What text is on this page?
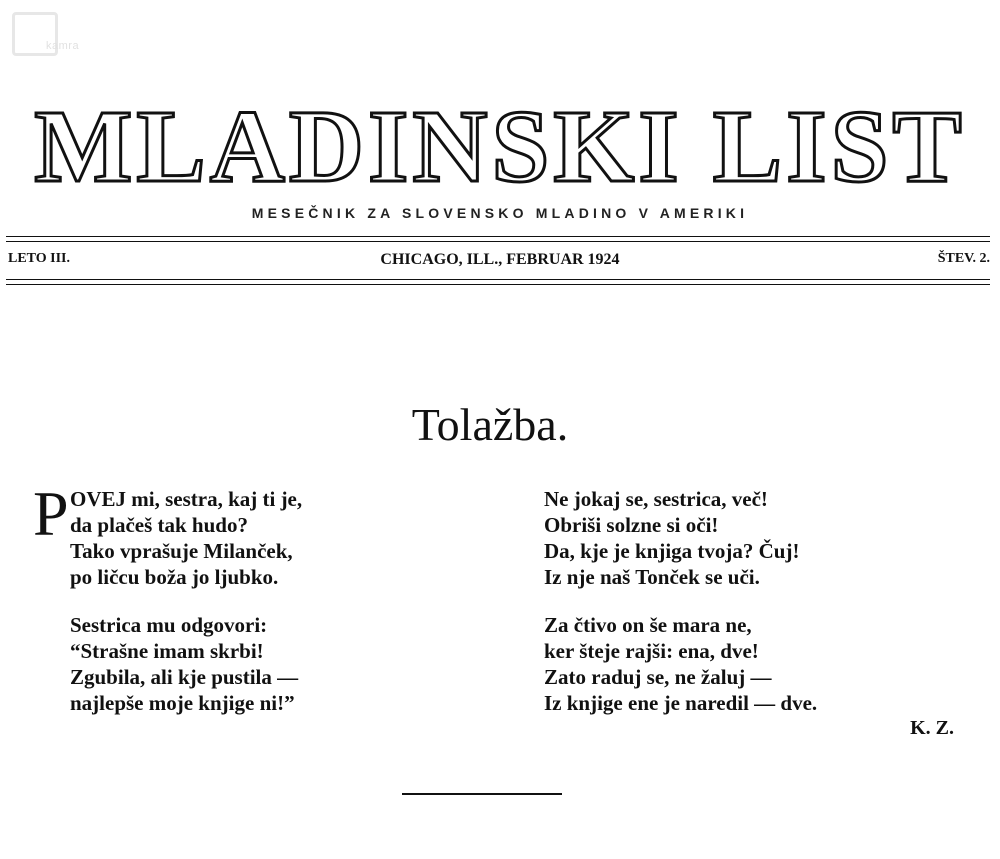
kamra
MLADINSKI LIST
MESEČNIK ZA SLOVENSKO MLADINO V AMERIKI
LETO III.	CHICAGO, ILL., FEBRUAR 1924	ŠTEV. 2.
Tolažba.
P OVEJ mi, sestra, kaj ti je,
da plačeš tak hudo?
Tako vprašuje Milanček,
po ličcu boža jo ljubko.
Sestrica mu odgovori:
“Strašne imam skrbi!
Zgubila, ali kje pustila —
najlepše moje knjige ni!”
Ne jokaj se, sestrica, več!
Obriši solzne si oči!
Da, kje je knjiga tvoja? Čuj!
Iz nje naš Tonček se uči.
Za čtivo on še mara ne,
ker šteje rajši: ena, dve!
Zato raduj se, ne žaluj —
Iz knjige ene je naredil — dve.
K. Z.
